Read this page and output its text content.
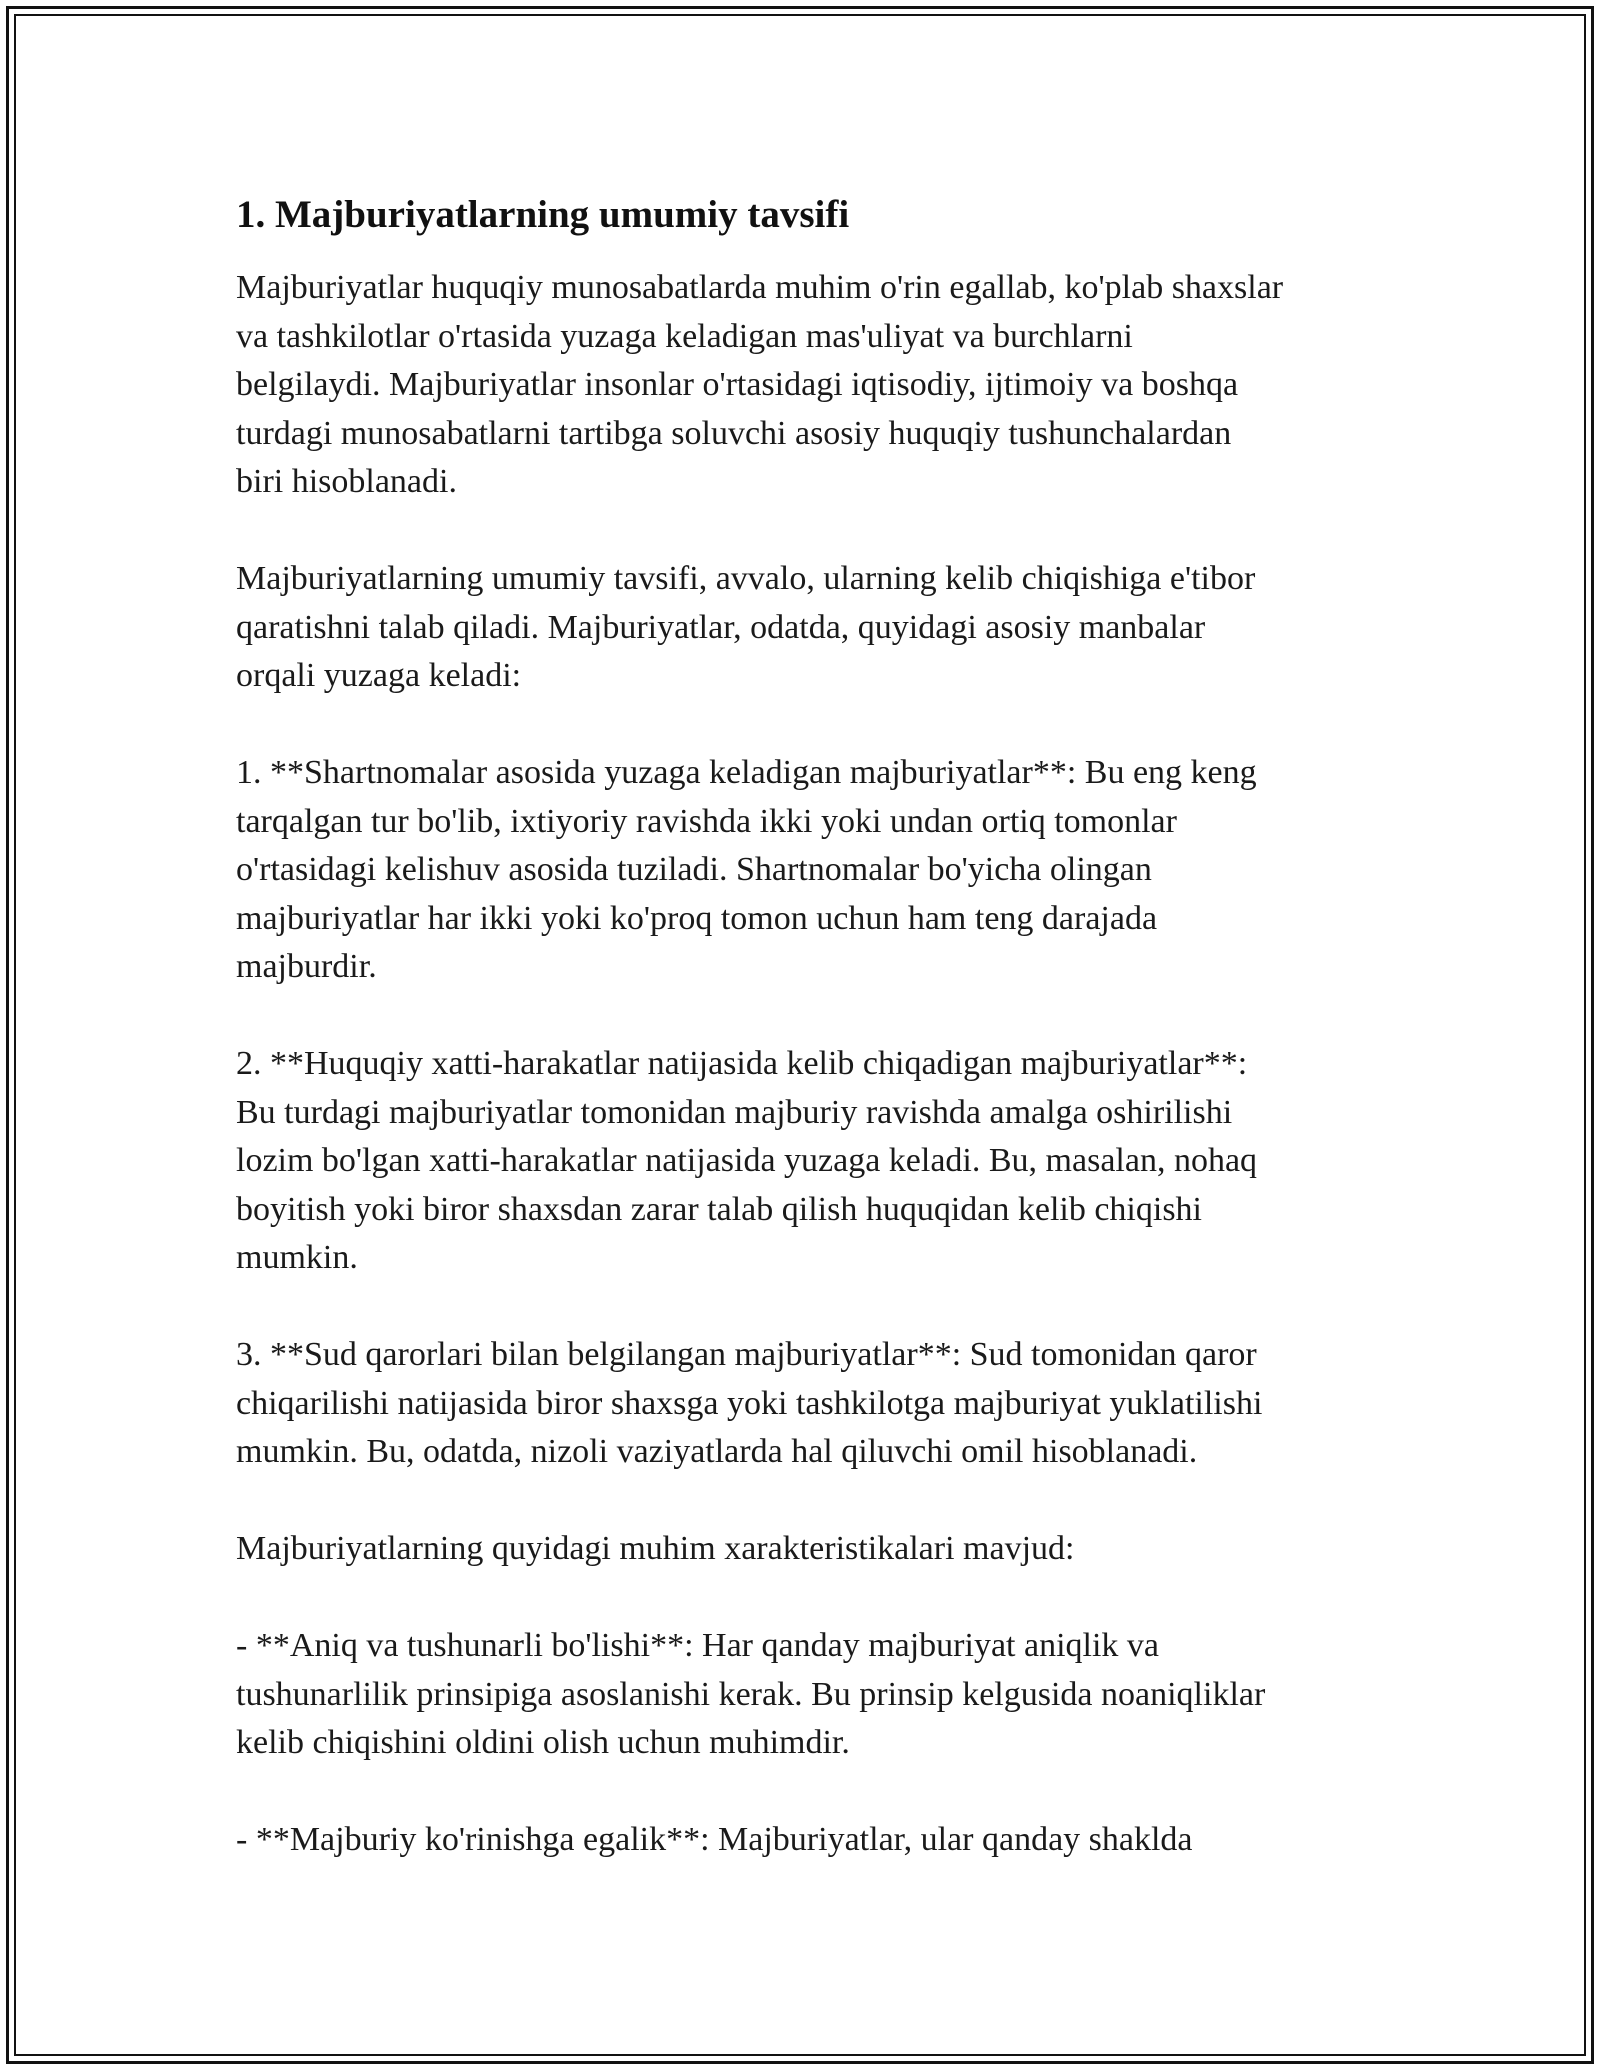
1. Majburiyatlarning umumiy tavsifi

Majburiyatlar huquqiy munosabatlarda muhim o'rin egallab, ko'plab shaxslar
va tashkilotlar o'rtasida yuzaga keladigan mas'uliyat va burchlarni
belgilaydi. Majburiyatlar insonlar o'rtasidagi iqtisodiy, ijtimoiy va boshqa
turdagi munosabatlarni tartibga soluvchi asosiy huquqiy tushunchalardan
biri hisoblanadi.

Majburiyatlarning umumiy tavsifi, avvalo, ularning kelib chiqishiga e'tibor
qaratishni talab qiladi. Majburiyatlar, odatda, quyidagi asosiy manbalar
orqali yuzaga keladi:

1. **Shartnomalar asosida yuzaga keladigan majburiyatlar**: Bu eng keng
tarqalgan tur bo'lib, ixtiyoriy ravishda ikki yoki undan ortiq tomonlar
o'rtasidagi kelishuv asosida tuziladi. Shartnomalar bo'yicha olingan
majburiyatlar har ikki yoki ko'proq tomon uchun ham teng darajada
majburdir.

2. **Huquqiy xatti-harakatlar natijasida kelib chiqadigan majburiyatlar**:
Bu turdagi majburiyatlar tomonidan majburiy ravishda amalga oshirilishi
lozim bo'lgan xatti-harakatlar natijasida yuzaga keladi. Bu, masalan, nohaq
boyitish yoki biror shaxsdan zarar talab qilish huquqidan kelib chiqishi
mumkin.

3. **Sud qarorlari bilan belgilangan majburiyatlar**: Sud tomonidan qaror
chiqarilishi natijasida biror shaxsga yoki tashkilotga majburiyat yuklatilishi
mumkin. Bu, odatda, nizoli vaziyatlarda hal qiluvchi omil hisoblanadi.

Majburiyatlarning quyidagi muhim xarakteristikalari mavjud:

- **Aniq va tushunarli bo'lishi**: Har qanday majburiyat aniqlik va
tushunarlilik prinsipiga asoslanishi kerak. Bu prinsip kelgusida noaniqliklar
kelib chiqishini oldini olish uchun muhimdir.

- **Majburiy ko'rinishga egalik**: Majburiyatlar, ular qanday shaklda
